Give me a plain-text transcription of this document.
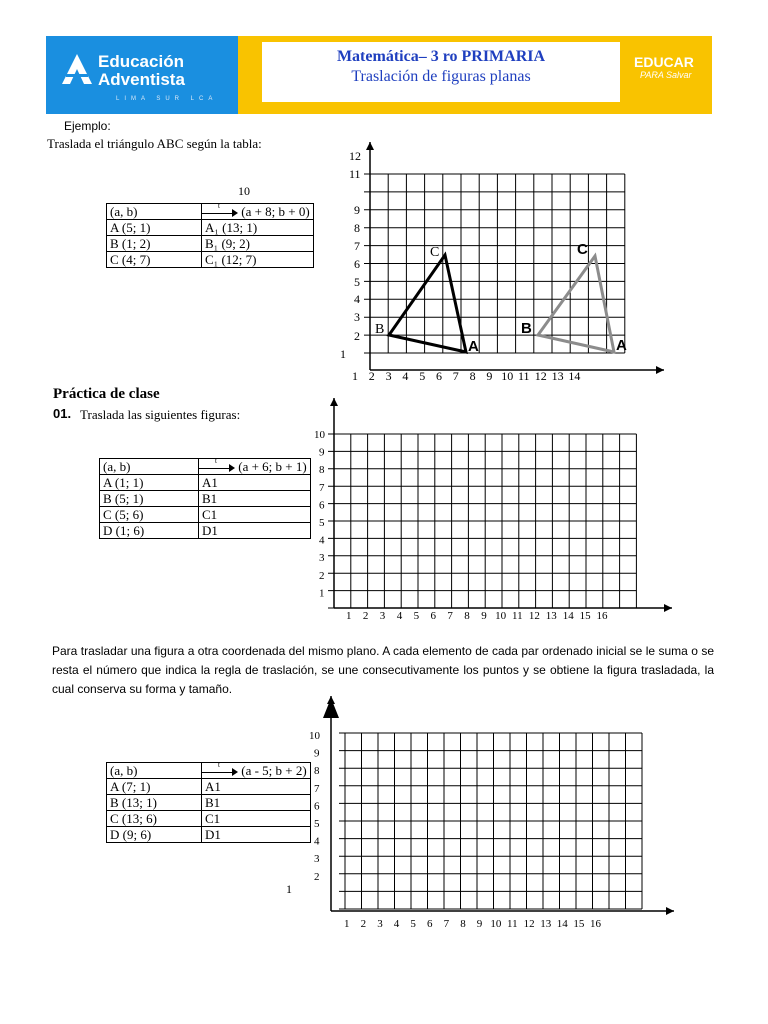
Educación
Adventista
LIMA SUR LCA
Matemática– 3 ro PRIMARIA
Traslación de figuras planas
EDUCAR
PARA Salvar
Ejemplo:
Traslada el triángulo ABC según la tabla:
10
(a, b)	t (a + 8; b + 0)
A (5; 1)	A₁ (13; 1)
B (1; 2)	B₁ (9; 2)
C (4; 7)	C₁ (12; 7)
12
11
9
8
7
6
5
4
3
2
1
1 2 3 4 5 6 7 8 9 10 11 12 13 14
A
B
C
A
B
C
Práctica de clase
01. Traslada las siguientes figuras:
(a, b)	t (a + 6; b + 1)
A (1; 1)	A1
B (5; 1)	B1
C (5; 6)	C1
D (1; 6)	D1
10
9
8
7
6
5
4
3
2
1
1 2 3 4 5 6 7 8 9 10 11 12 13 14 15 16
Para trasladar una figura a otra coordenada del mismo plano. A cada elemento de cada par ordenado inicial se le suma o se resta el número que indica la regla de traslación, se une consecutivamente los puntos y se obtiene la figura trasladada, la cual conserva su forma y tamaño.
(a, b)	t (a - 5; b + 2)
A (7; 1)	A1
B (13; 1)	B1
C (13; 6)	C1
D (9; 6)	D1
1
10
9
8
7
6
5
4
3
2
1 2 3 4 5 6 7 8 9 10 11 12 13 14 15 16
